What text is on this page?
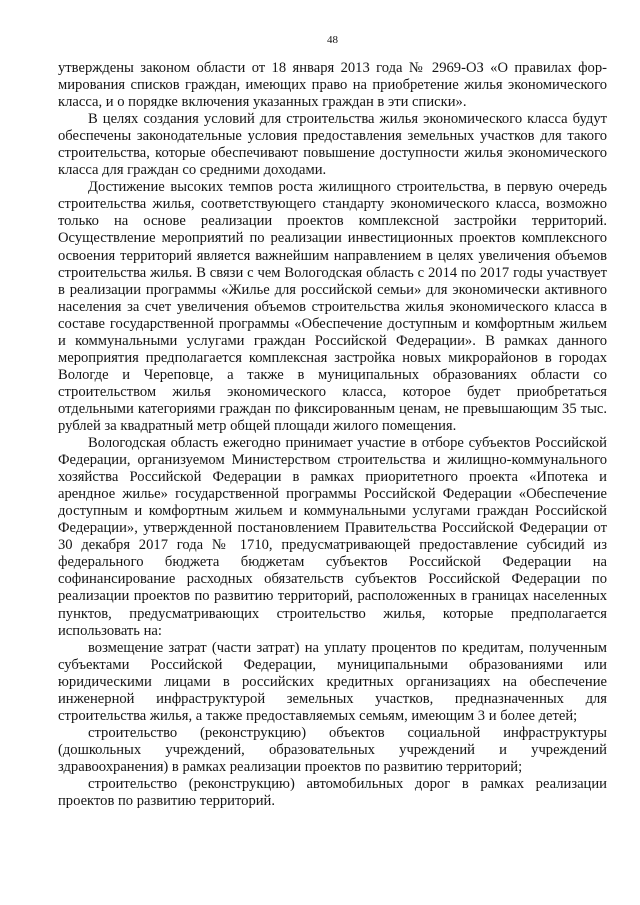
48

утверждены законом области от 18 января 2013 года № 2969-ОЗ «О правилах формирования списков граждан, имеющих право на приобретение жилья экономического класса, и о порядке включения указанных граждан в эти списки».

В целях создания условий для строительства жилья экономического класса будут обеспечены законодательные условия предоставления земельных участков для такого строительства, которые обеспечивают повышение доступности жилья экономического класса для граждан со средними доходами.

Достижение высоких темпов роста жилищного строительства, в первую очередь строительства жилья, соответствующего стандарту экономического класса, возможно только на основе реализации проектов комплексной застройки территорий. Осуществление мероприятий по реализации инвестиционных проектов комплексного освоения территорий является важнейшим направлением в целях увеличения объемов строительства жилья. В связи с чем Вологодская область с 2014 по 2017 годы участвует в реализации программы «Жилье для российской семьи» для экономически активного населения за счет увеличения объемов строительства жилья экономического класса в составе государственной программы «Обеспечение доступным и комфортным жильем и коммунальными услугами граждан Российской Федерации». В рамках данного мероприятия предполагается комплексная застройка новых микрорайонов в городах Вологде и Череповце, а также в муниципальных образованиях области со строительством жилья экономического класса, которое будет приобретаться отдельными категориями граждан по фиксированным ценам, не превышающим 35 тыс. рублей за квадратный метр общей площади жилого помещения.

Вологодская область ежегодно принимает участие в отборе субъектов Российской Федерации, организуемом Министерством строительства и жилищно-коммунального хозяйства Российской Федерации в рамках приоритетного проекта «Ипотека и арендное жилье» государственной программы Российской Федерации «Обеспечение доступным и комфортным жильем и коммунальными услугами граждан Российской Федерации», утвержденной постановлением Правительства Российской Федерации от 30 декабря 2017 года № 1710, предусматривающей предоставление субсидий из федерального бюджета бюджетам субъектов Российской Федерации на софинансирование расходных обязательств субъектов Российской Федерации по реализации проектов по развитию территорий, расположенных в границах населенных пунктов, предусматривающих строительство жилья, которые предполагается использовать на:

возмещение затрат (части затрат) на уплату процентов по кредитам, полученным субъектами Российской Федерации, муниципальными образованиями или юридическими лицами в российских кредитных организациях на обеспечение инженерной инфраструктурой земельных участков, предназначенных для строительства жилья, а также предоставляемых семьям, имеющим 3 и более детей;

строительство (реконструкцию) объектов социальной инфраструктуры (дошкольных учреждений, образовательных учреждений и учреждений здравоохранения) в рамках реализации проектов по развитию территорий;

строительство (реконструкцию) автомобильных дорог в рамках реализации проектов по развитию территорий.
